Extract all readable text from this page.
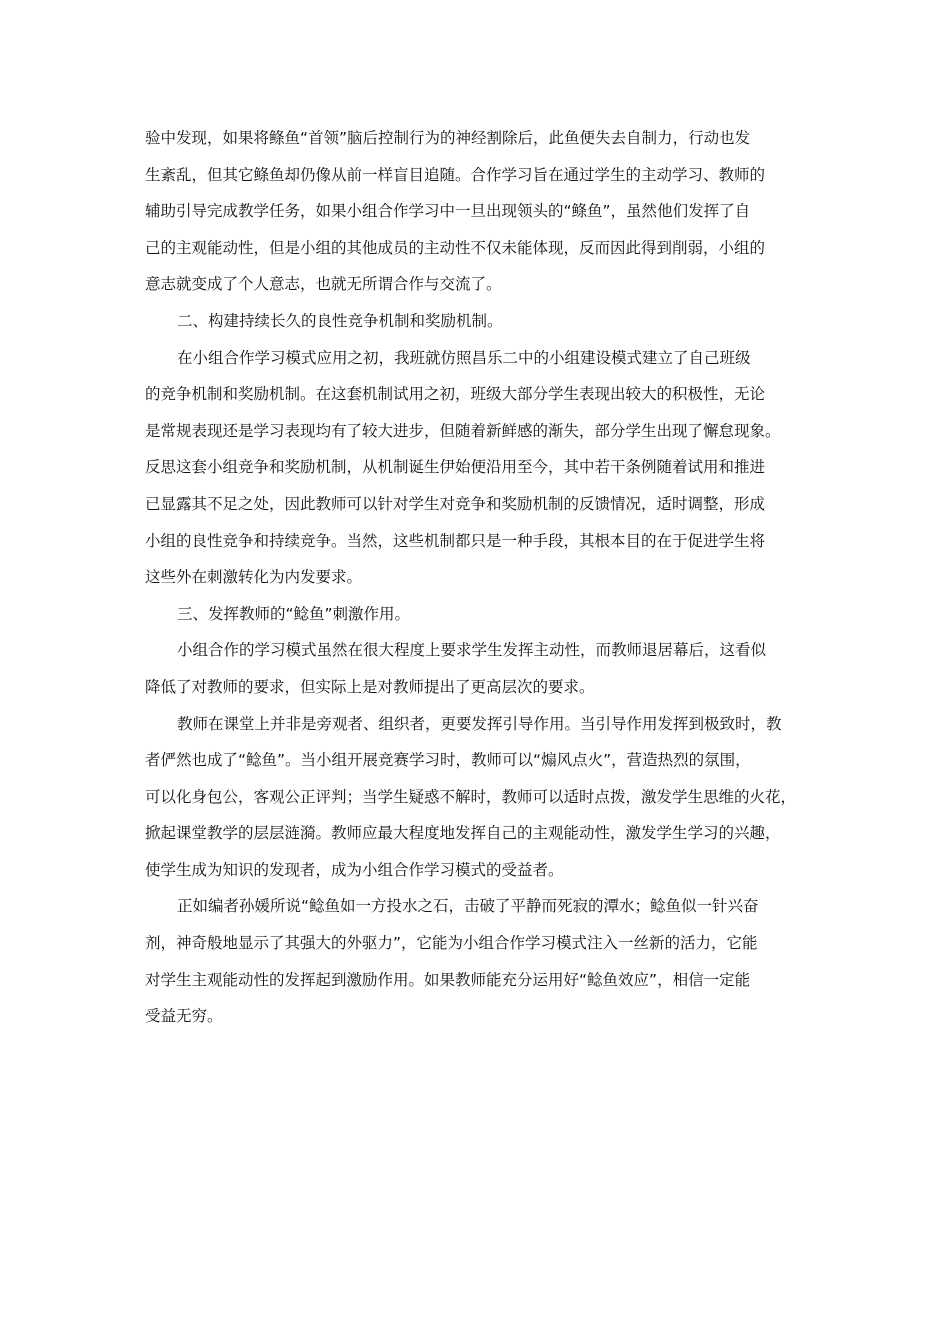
验中发现，如果将鲦鱼“首领”脑后控制行为的神经割除后，此鱼便失去自制力，行动也发
生紊乱，但其它鲦鱼却仍像从前一样盲目追随。合作学习旨在通过学生的主动学习、教师的
辅助引导完成教学任务，如果小组合作学习中一旦出现领头的“鲦鱼”，虽然他们发挥了自
己的主观能动性，但是小组的其他成员的主动性不仅未能体现，反而因此得到削弱，小组的
意志就变成了个人意志，也就无所谓合作与交流了。
二、构建持续长久的良性竞争机制和奖励机制。
在小组合作学习模式应用之初，我班就仿照昌乐二中的小组建设模式建立了自己班级
的竞争机制和奖励机制。在这套机制试用之初，班级大部分学生表现出较大的积极性，无论
是常规表现还是学习表现均有了较大进步，但随着新鲜感的渐失，部分学生出现了懈怠现象。
反思这套小组竞争和奖励机制，从机制诞生伊始便沿用至今，其中若干条例随着试用和推进
已显露其不足之处，因此教师可以针对学生对竞争和奖励机制的反馈情况，适时调整，形成
小组的良性竞争和持续竞争。当然，这些机制都只是一种手段，其根本目的在于促进学生将
这些外在刺激转化为内发要求。
三、发挥教师的“鲶鱼”刺激作用。
小组合作的学习模式虽然在很大程度上要求学生发挥主动性，而教师退居幕后，这看似
降低了对教师的要求，但实际上是对教师提出了更高层次的要求。
教师在课堂上并非是旁观者、组织者，更要发挥引导作用。当引导作用发挥到极致时，教
者俨然也成了“鲶鱼”。当小组开展竞赛学习时，教师可以“煽风点火”，营造热烈的氛围，
可以化身包公，客观公正评判；当学生疑惑不解时，教师可以适时点拨，激发学生思维的火花，
掀起课堂教学的层层涟漪。教师应最大程度地发挥自己的主观能动性，激发学生学习的兴趣，
使学生成为知识的发现者，成为小组合作学习模式的受益者。
正如编者孙媛所说“鲶鱼如一方投水之石，击破了平静而死寂的潭水；鲶鱼似一针兴奋
剂，神奇般地显示了其强大的外驱力”，它能为小组合作学习模式注入一丝新的活力，它能
对学生主观能动性的发挥起到激励作用。如果教师能充分运用好“鲶鱼效应”，相信一定能
受益无穷。
